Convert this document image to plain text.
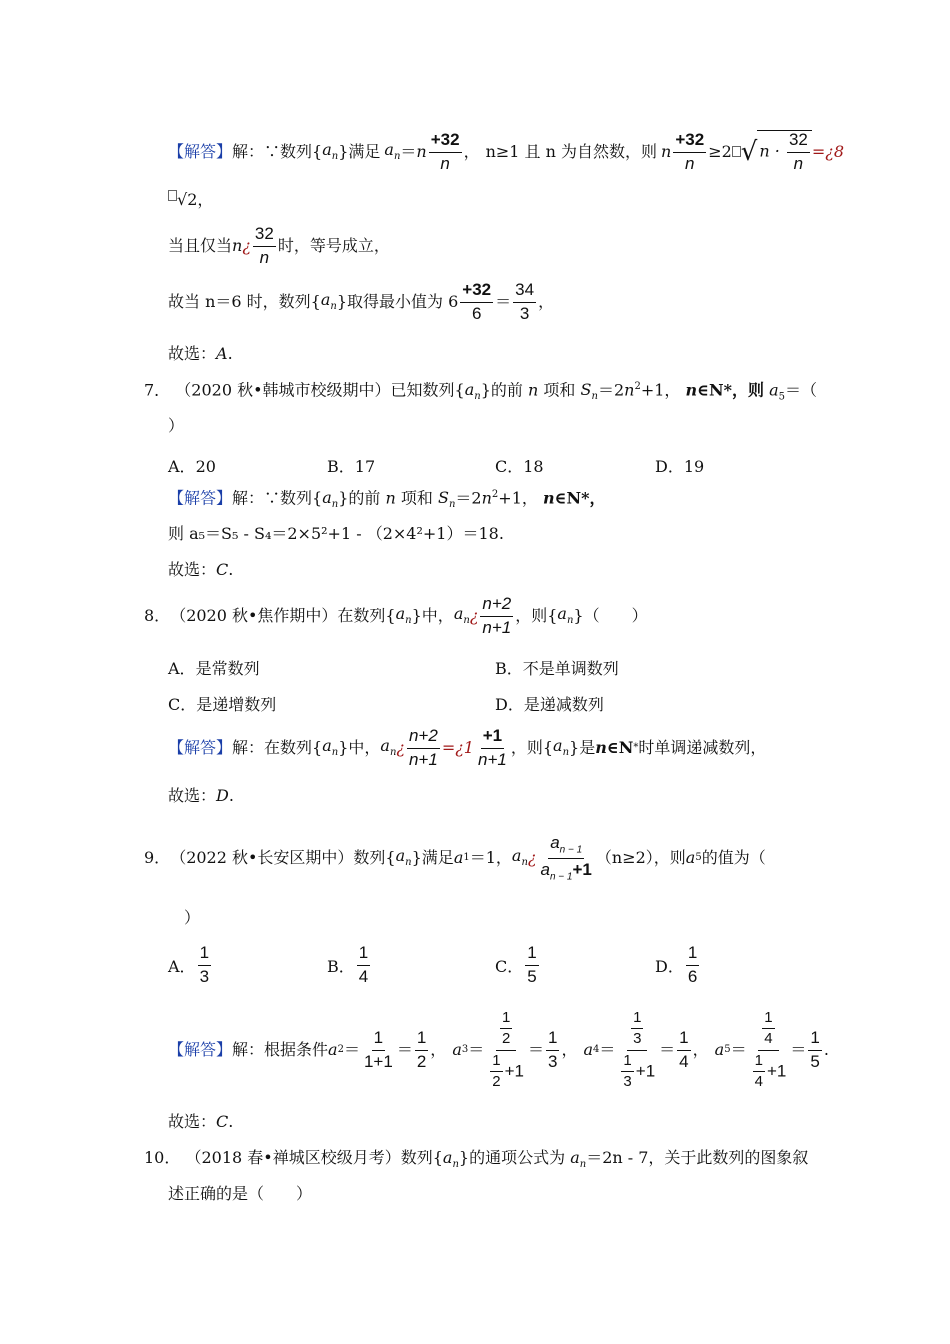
【解答】 解：∵数列{ $a_n$ }满足 $a_n = n \frac{+32}{n}$ ， n≥1 且 n 为自然数，则 n $\frac{+32}{n} \ge 2$ √ $n \cdot \frac{32}{n}$ =¿8
√2，
当且仅当 n ¿ $\frac{32}{n}$ 时，等号成立，
故当 n＝6 时，数列{ $a_n$ }取得最小值为 $6 \frac{+32}{6} = \frac{34}{3}$ ，
故选：A.
7． （2020 秋•韩城市校级期中）已知数列$\{a_n\}$的前 n 项和 $S_n=2n^2+1$， n∈N*，则 $a_5=$（
）
A．20	B．17	C．18	D．19
【解答】解：∵数列$\{a_n\}$的前 n 项和 $S_n=2n^2+1$， n∈N*，
则 a₅＝S₅ - S₄＝2×5²+1 - （2×4²+1）＝18.
故选：C.
8． （2020 秋•焦作期中）在数列{ $a_n$ }中， $a_n$ ¿ $\frac{n+2}{n+1}$ ，则{ $a_n$ }（　　）
A．是常数列	B．不是单调数列
C．是递增数列	D．是递减数列
【解答】 解：在数列{ $a_n$ }中， $a_n$ ¿ $\frac{n+2}{n+1}$ =¿1 $\frac{+1}{n+1}$ ，则{ $a_n$ }是 n ∈N * 时单调递减数列，
故选：D.
9． （2022 秋•长安区期中）数列{ $a_n$ }满足 a 1 ＝1， $a_n$ ¿ $\frac{a_{n - 1}}{a_{n - 1}+1} (n\ge 2)$，则 a 5 的值为（
）
A． $\frac{1}{3}$	B． $\frac{1}{4}$	C． $\frac{1}{5}$	D． $\frac{1}{6}$
【解答】 解：根据条件 a $2 = \frac{1}{1+1} = \frac{1}{2}$ ， a $3 = \frac{\frac{1}{2}}{\frac{1}{2} +1} = \frac{1}{3}$ ， a $4 = \frac{\frac{1}{3}}{\frac{1}{3} +1} = \frac{1}{4}$ ， a $5 = \frac{\frac{1}{4}}{\frac{1}{4} +1} = \frac{1}{5}$ .
故选：C.
10． （2018 春•禅城区校级月考）数列$\{a_n\}$的通项公式为 $a_n=2n - 7$，关于此数列的图象叙
述正确的是（　　）
